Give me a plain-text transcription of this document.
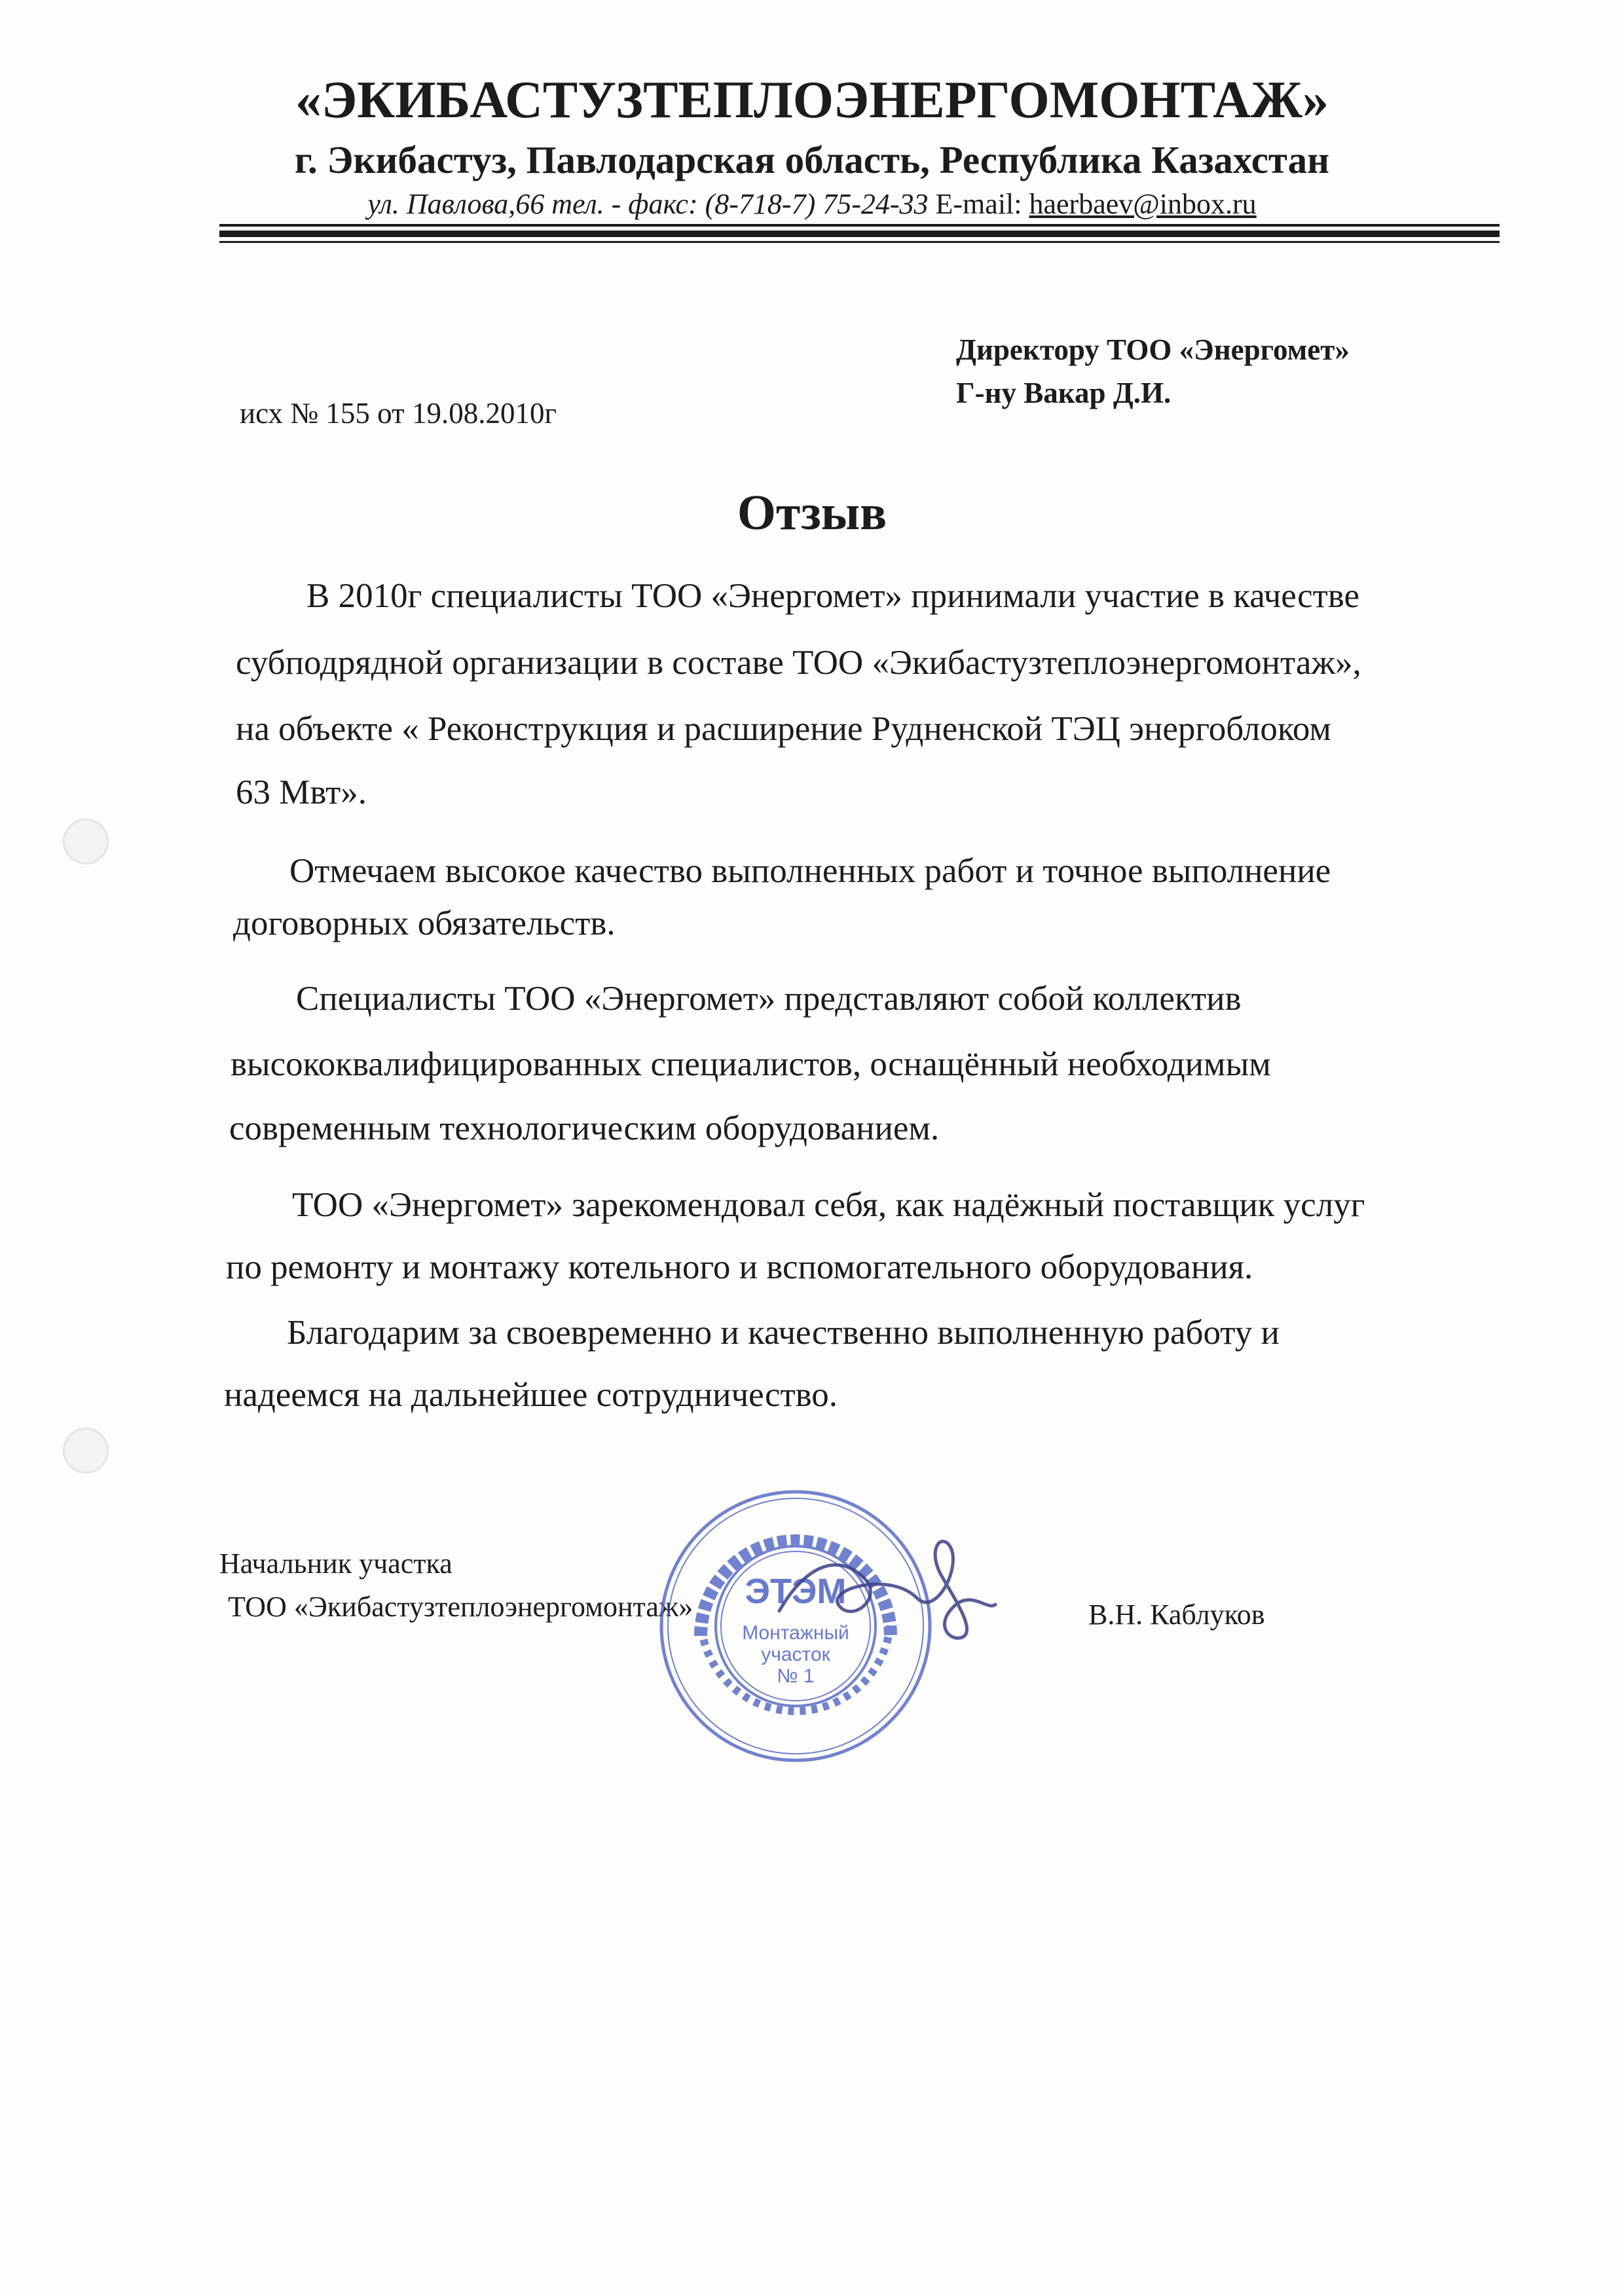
«ЭКИБАСТУЗТЕПЛОЭНЕРГОМОНТАЖ»
г. Экибастуз, Павлодарская область, Республика Казахстан
ул. Павлова,66 тел. - факс: (8-718-7) 75-24-33 E-mail: haerbaev@inbox.ru
Директору ТОО «Энергомет»
Г-ну Вакар Д.И.
исх № 155 от 19.08.2010г
Отзыв
В 2010г специалисты ТОО «Энергомет» принимали участие в качестве
субподрядной организации в составе ТОО «Экибастузтеплоэнергомонтаж»,
на объекте « Реконструкция и расширение Рудненской ТЭЦ энергоблоком
63 Мвт».
Отмечаем высокое качество выполненных работ и точное выполнение
договорных обязательств.
Специалисты ТОО «Энергомет» представляют собой коллектив
высококвалифицированных специалистов, оснащённый необходимым
современным технологическим оборудованием.
ТОО «Энергомет» зарекомендовал себя, как надёжный поставщик услуг
по ремонту и монтажу котельного и вспомогательного оборудования.
Благодарим за своевременно и качественно выполненную работу и
надеемся на дальнейшее сотрудничество.
Начальник участка
ТОО «Экибастузтеплоэнергомонтаж»	В.Н. Каблуков
ЭТЭМ
Монтажный
участок
№ 1
